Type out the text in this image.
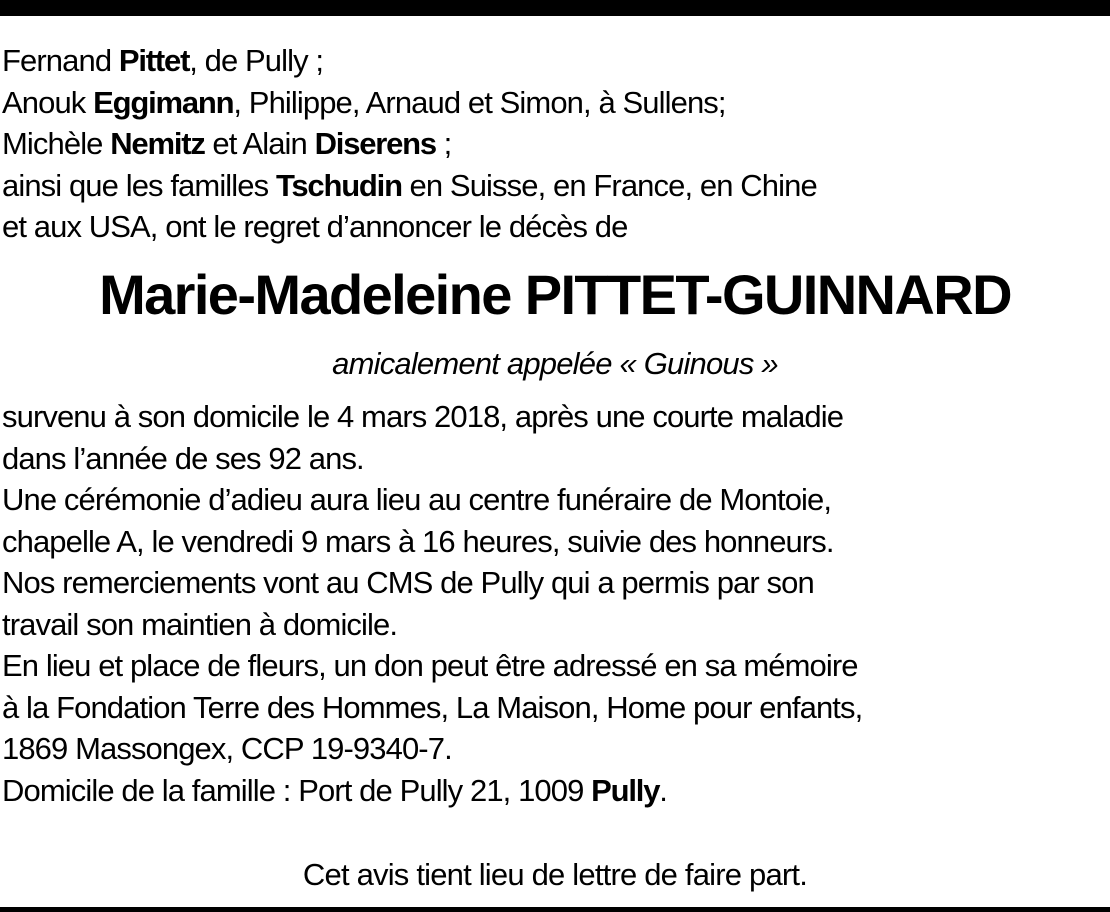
Fernand Pittet, de Pully ;
Anouk Eggimann, Philippe, Arnaud et Simon, à Sullens;
Michèle Nemitz et Alain Diserens ;
ainsi que les familles Tschudin en Suisse, en France, en Chine
et aux USA, ont le regret d’annoncer le décès de
Marie-Madeleine PITTET-GUINNARD
amicalement appelée « Guinous »
survenu à son domicile le 4 mars 2018, après une courte maladie
dans l’année de ses 92 ans.
Une cérémonie d’adieu aura lieu au centre funéraire de Montoie,
chapelle A, le vendredi 9 mars à 16 heures, suivie des honneurs.
Nos remerciements vont au CMS de Pully qui a permis par son
travail son maintien à domicile.
En lieu et place de fleurs, un don peut être adressé en sa mémoire
à la Fondation Terre des Hommes, La Maison, Home pour enfants,
1869 Massongex, CCP 19-9340-7.
Domicile de la famille : Port de Pully 21, 1009 Pully.
Cet avis tient lieu de lettre de faire part.
